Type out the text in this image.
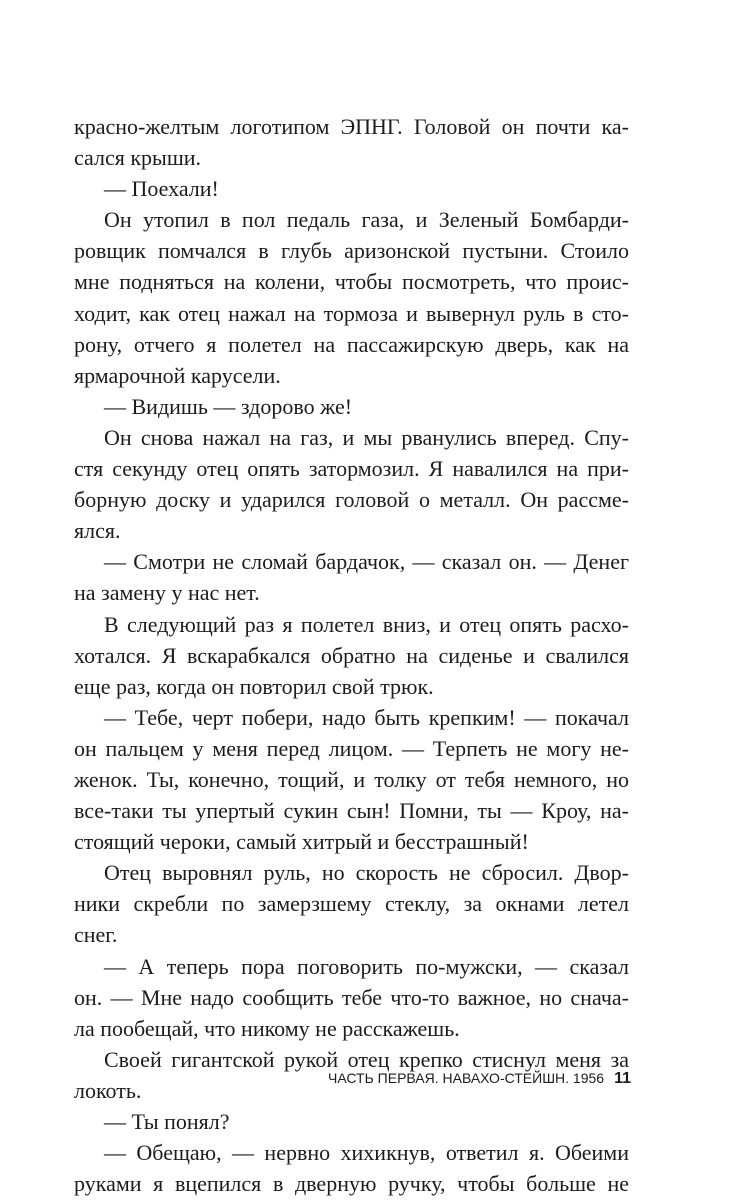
красно-желтым логотипом ЭПНГ. Головой он почти ка-
сался крыши.
— Поехали!
Он утопил в пол педаль газа, и Зеленый Бомбарди-
ровщик помчался в глубь аризонской пустыни. Стоило
мне подняться на колени, чтобы посмотреть, что проис-
ходит, как отец нажал на тормоза и вывернул руль в сто-
рону, отчего я полетел на пассажирскую дверь, как на
ярмарочной карусели.
— Видишь — здорово же!
Он снова нажал на газ, и мы рванулись вперед. Спу-
стя секунду отец опять затормозил. Я навалился на при-
борную доску и ударился головой о металл. Он рассме-
ялся.
— Смотри не сломай бардачок, — сказал он. — Денег
на замену у нас нет.
В следующий раз я полетел вниз, и отец опять расхо-
хотался. Я вскарабкался обратно на сиденье и свалился
еще раз, когда он повторил свой трюк.
— Тебе, черт побери, надо быть крепким! — покачал
он пальцем у меня перед лицом. — Терпеть не могу не-
женок. Ты, конечно, тощий, и толку от тебя немного, но
все-таки ты упертый сукин сын! Помни, ты — Кроу, на-
стоящий чероки, самый хитрый и бесстрашный!
Отец выровнял руль, но скорость не сбросил. Двор-
ники скребли по замерзшему стеклу, за окнами летел
снег.
— А теперь пора поговорить по-мужски, — сказал
он. — Мне надо сообщить тебе что-то важное, но снача-
ла пообещай, что никому не расскажешь.
Своей гигантской рукой отец крепко стиснул меня за
локоть.
— Ты понял?
— Обещаю, — нервно хихикнув, ответил я. Обеими
руками я вцепился в дверную ручку, чтобы больше не
ЧАСТЬ ПЕРВАЯ. НАВАХО-СТЕЙШН. 1956 11
